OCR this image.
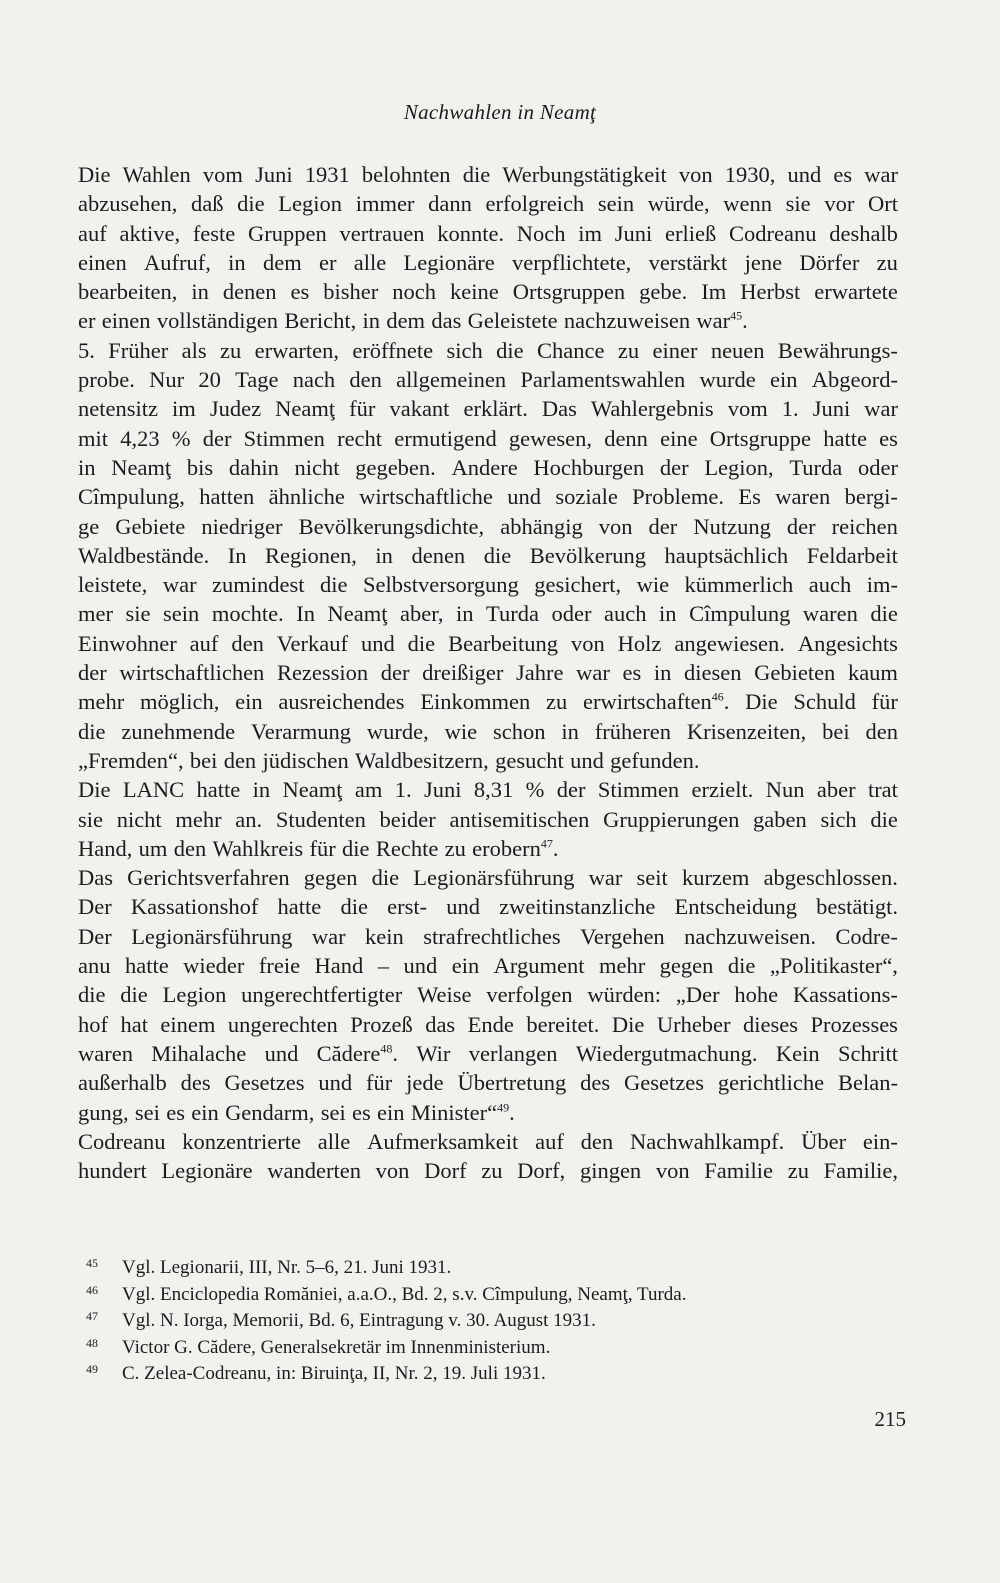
Nachwahlen in Neamţ
Die Wahlen vom Juni 1931 belohnten die Werbungstätigkeit von 1930, und es war
abzusehen, daß die Legion immer dann erfolgreich sein würde, wenn sie vor Ort
auf aktive, feste Gruppen vertrauen konnte. Noch im Juni erließ Codreanu deshalb
einen Aufruf, in dem er alle Legionäre verpflichtete, verstärkt jene Dörfer zu
bearbeiten, in denen es bisher noch keine Ortsgruppen gebe. Im Herbst erwartete
er einen vollständigen Bericht, in dem das Geleistete nachzuweisen war$^{45}$.
5. Früher als zu erwarten, eröffnete sich die Chance zu einer neuen Bewährungs-
probe. Nur 20 Tage nach den allgemeinen Parlamentswahlen wurde ein Abgeord-
netensitz im Judez Neamţ für vakant erklärt. Das Wahlergebnis vom 1. Juni war
mit 4,23 % der Stimmen recht ermutigend gewesen, denn eine Ortsgruppe hatte es
in Neamţ bis dahin nicht gegeben. Andere Hochburgen der Legion, Turda oder
Cîmpulung, hatten ähnliche wirtschaftliche und soziale Probleme. Es waren bergi-
ge Gebiete niedriger Bevölkerungsdichte, abhängig von der Nutzung der reichen
Waldbestände. In Regionen, in denen die Bevölkerung hauptsächlich Feldarbeit
leistete, war zumindest die Selbstversorgung gesichert, wie kümmerlich auch im-
mer sie sein mochte. In Neamţ aber, in Turda oder auch in Cîmpulung waren die
Einwohner auf den Verkauf und die Bearbeitung von Holz angewiesen. Angesichts
der wirtschaftlichen Rezession der dreißiger Jahre war es in diesen Gebieten kaum
mehr möglich, ein ausreichendes Einkommen zu erwirtschaften$^{46}$. Die Schuld für
die zunehmende Verarmung wurde, wie schon in früheren Krisenzeiten, bei den
„Fremden“, bei den jüdischen Waldbesitzern, gesucht und gefunden.
Die LANC hatte in Neamţ am 1. Juni 8,31 % der Stimmen erzielt. Nun aber trat
sie nicht mehr an. Studenten beider antisemitischen Gruppierungen gaben sich die
Hand, um den Wahlkreis für die Rechte zu erobern$^{47}$.
Das Gerichtsverfahren gegen die Legionärsführung war seit kurzem abgeschlossen.
Der Kassationshof hatte die erst- und zweitinstanzliche Entscheidung bestätigt.
Der Legionärsführung war kein strafrechtliches Vergehen nachzuweisen. Codre-
anu hatte wieder freie Hand – und ein Argument mehr gegen die „Politikaster“,
die die Legion ungerechtfertigter Weise verfolgen würden: „Der hohe Kassations-
hof hat einem ungerechten Prozeß das Ende bereitet. Die Urheber dieses Prozesses
waren Mihalache und Cădere$^{48}$. Wir verlangen Wiedergutmachung. Kein Schritt
außerhalb des Gesetzes und für jede Übertretung des Gesetzes gerichtliche Belan-
gung, sei es ein Gendarm, sei es ein Minister“$^{49}$.
Codreanu konzentrierte alle Aufmerksamkeit auf den Nachwahlkampf. Über ein-
hundert Legionäre wanderten von Dorf zu Dorf, gingen von Familie zu Familie,
45	Vgl. Legionarii, III, Nr. 5–6, 21. Juni 1931.
46	Vgl. Enciclopedia Romăniei, a.a.O., Bd. 2, s.v. Cîmpulung, Neamţ, Turda.
47	Vgl. N. Iorga, Memorii, Bd. 6, Eintragung v. 30. August 1931.
48	Victor G. Cădere, Generalsekretär im Innenministerium.
49	C. Zelea-Codreanu, in: Biruinţa, II, Nr. 2, 19. Juli 1931.
215
